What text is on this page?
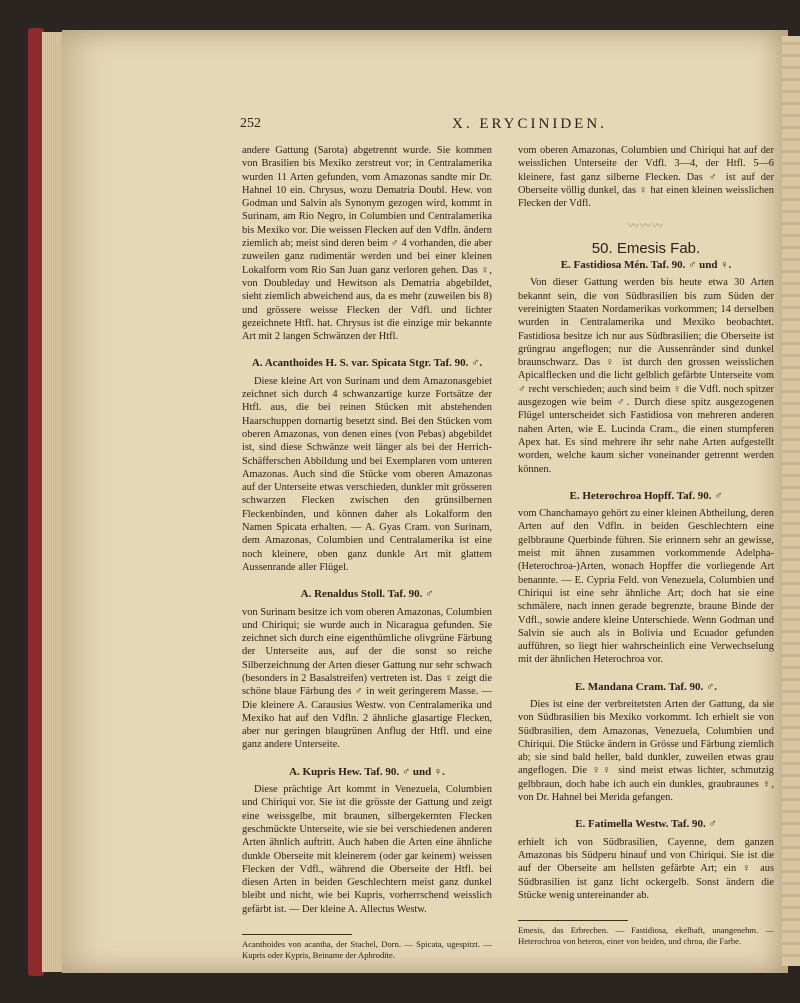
252	X. ERYCINIDEN.

andere Gattung (Sarota) abgetrennt wurde. Sie kommen von Brasilien bis Mexiko zerstreut vor; in Centralamerika wurden 11 Arten gefunden, vom Amazonas sandte mir Dr. Hahnel 10 ein. Chrysus, wozu Dematria Doubl. Hew. von Godman und Salvin als Synonym gezogen wird, kommt in Surinam, am Rio Negro, in Columbien und Centralamerika bis Mexiko vor. Die weissen Flecken auf den Vdfln. ändern ziemlich ab; meist sind deren beim ♂ 4 vorhanden, die aber zuweilen ganz rudimentär werden und bei einer kleinen Lokalform vom Rio San Juan ganz verloren gehen. Das ♀, von Doubleday und Hewitson als Dematria abgebildet, sieht ziemlich abweichend aus, da es mehr (zuweilen bis 8) und grössere weisse Flecken der Vdfl. und lichter gezeichnete Htfl. hat. Chrysus ist die einzige mir bekannte Art mit 2 langen Schwänzen der Htfl.

A. Acanthoides H. S. var. Spicata Stgr. Taf. 90. ♂.

Diese kleine Art von Surinam und dem Amazonasgebiet zeichnet sich durch 4 schwanzartige kurze Fortsätze der Htfl. aus, die bei reinen Stücken mit abstehenden Haarschuppen dornartig besetzt sind. Bei den Stücken vom oberen Amazonas, von denen eines (von Pebas) abgebildet ist, sind diese Schwänze weit länger als bei der Herrich-Schäfferschen Abbildung und bei Exemplaren vom unteren Amazonas. Auch sind die Stücke vom oberen Amazonas auf der Unterseite etwas verschieden, dunkler mit grösseren schwarzen Flecken zwischen den grünsilbernen Fleckenbinden, und können daher als Lokalform den Namen Spicata erhalten. — A. Gyas Cram. von Surinam, dem Amazonas, Columbien und Centralamerika ist eine noch kleinere, oben ganz dunkle Art mit glattem Aussenrande aller Flügel.

A. Renaldus Stoll. Taf. 90. ♂

von Surinam besitze ich vom oberen Amazonas, Columbien und Chiriqui; sie wurde auch in Nicaragua gefunden. Sie zeichnet sich durch eine eigenthümliche olivgrüne Färbung der Unterseite aus, auf der die sonst so reiche Silberzeichnung der Arten dieser Gattung nur sehr schwach (besonders in 2 Basalstreifen) vertreten ist. Das ♀ zeigt die schöne blaue Färbung des ♂ in weit geringerem Masse. — Die kleinere A. Carausius Westw. von Centralamerika und Mexiko hat auf den Vdfln. 2 ähnliche glasartige Flecken, aber nur geringen blaugrünen Anflug der Htfl. und eine ganz andere Unterseite.

A. Kupris Hew. Taf. 90. ♂ und ♀.

Diese prächtige Art kommt in Venezuela, Columbien und Chiriqui vor. Sie ist die grösste der Gattung und zeigt eine weissgelbe, mit braunen, silbergekernten Flecken geschmückte Unterseite, wie sie bei verschiedenen anderen Arten ähnlich auftritt. Auch haben die Arten eine ähnliche dunkle Oberseite mit kleinerem (oder gar keinem) weissen Flecken der Vdfl., während die Oberseite der Htfl. bei diesen Arten in beiden Geschlechtern meist ganz dunkel bleibt und nicht, wie bei Kupris, vorherrschend weisslich gefärbt ist. — Der kleine A. Allectus Westw.

Acanthoides von acantha, der Stachel, Dorn. — Spicata, ugespitzt. — Kupris oder Kypris, Beiname der Aphrodite.

vom oberen Amazonas, Columbien und Chiriqui hat auf der weisslichen Unterseite der Vdfl. 3—4, der Htfl. 5—6 kleinere, fast ganz silberne Flecken. Das ♂ ist auf der Oberseite völlig dunkel, das ♀ hat einen kleinen weisslichen Flecken der Vdfl.

〰〰〰
50. Emesis Fab.
E. Fastidiosa Mén. Taf. 90. ♂ und ♀.

Von dieser Gattung werden bis heute etwa 30 Arten bekannt sein, die von Südbrasilien bis zum Süden der vereinigten Staaten Nordamerikas vorkommen; 14 derselben wurden in Centralamerika und Mexiko beobachtet. Fastidiosa besitze ich nur aus Südbrasilien; die Oberseite ist grüngrau angeflogen; nur die Aussenränder sind dunkel braunschwarz. Das ♀ ist durch den grossen weisslichen Apicalflecken und die licht gelblich gefärbte Unterseite vom ♂ recht verschieden; auch sind beim ♀ die Vdfl. noch spitzer ausgezogen wie beim ♂. Durch diese spitz ausgezogenen Flügel unterscheidet sich Fastidiosa von mehreren anderen nahen Arten, wie E. Lucinda Cram., die einen stumpferen Apex hat. Es sind mehrere ihr sehr nahe Arten aufgestellt worden, welche kaum sicher voneinander getrennt werden können.

E. Heterochroa Hopff. Taf. 90. ♂

vom Chanchamayo gehört zu einer kleinen Abtheilung, deren Arten auf den Vdfln. in beiden Geschlechtern eine gelbbraune Querbinde führen. Sie erinnern sehr an gewisse, meist mit ähnen zusammen vorkommende Adelpha-(Heterochroa-)Arten, wonach Hopffer die vorliegende Art benannte. — E. Cypria Feld. von Venezuela, Columbien und Chiriqui ist eine sehr ähnliche Art; doch hat sie eine schmälere, nach innen gerade begrenzte, braune Binde der Vdfl., sowie andere kleine Unterschiede. Wenn Godman und Salvin sie auch als in Bolivia und Ecuador gefunden aufführen, so liegt hier wahrscheinlich eine Verwechselung mit der ähnlichen Heterochroa vor.

E. Mandana Cram. Taf. 90. ♂.

Dies ist eine der verbreitetsten Arten der Gattung, da sie von Südbrasilien bis Mexiko vorkommt. Ich erhielt sie von Südbrasilien, dem Amazonas, Venezuela, Columbien und Chiriqui. Die Stücke ändern in Grösse und Färbung ziemlich ab; sie sind bald heller, bald dunkler, zuweilen etwas grau angeflogen. Die ♀♀ sind meist etwas lichter, schmutzig gelbbraun, doch habe ich auch ein dunkles, graubraunes ♀, von Dr. Hahnel bei Merida gefangen.

E. Fatimella Westw. Taf. 90. ♂

erhielt ich von Südbrasilien, Cayenne, dem ganzen Amazonas bis Südperu hinauf und von Chiriqui. Sie ist die auf der Oberseite am hellsten gefärbte Art; ein ♀ aus Südbrasilien ist ganz licht ockergelb. Sonst ändern die Stücke wenig untereinander ab.

Emesis, das Erbrechen. — Fastidiosa, ekelhaft, unangenehm. — Heterochroa von heteros, einer von beiden, und chroa, die Farbe.
